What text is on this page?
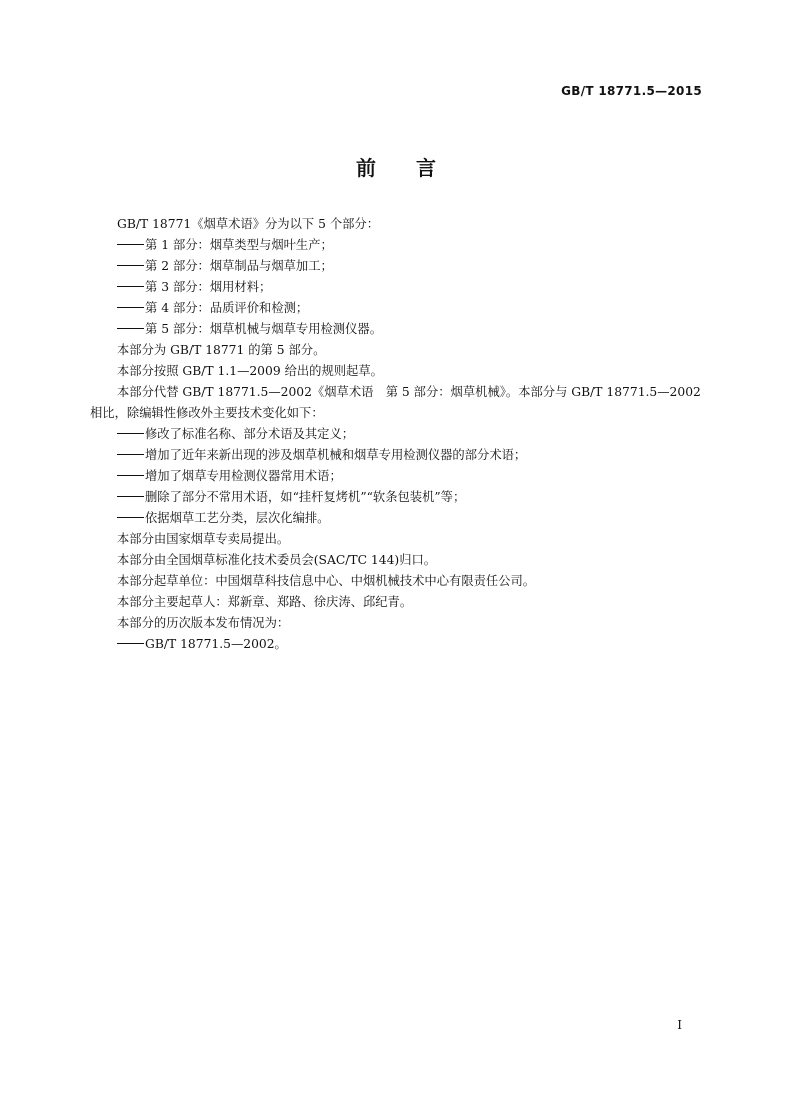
GB/T 18771.5—2015
前言
GB/T 18771《烟草术语》分为以下 5 个部分：
第 1 部分：烟草类型与烟叶生产；
第 2 部分：烟草制品与烟草加工；
第 3 部分：烟用材料；
第 4 部分：品质评价和检测；
第 5 部分：烟草机械与烟草专用检测仪器。
本部分为 GB/T 18771 的第 5 部分。
本部分按照 GB/T 1.1—2009 给出的规则起草。
本部分代替 GB/T 18771.5—2002《烟草术语　第 5 部分：烟草机械》。本部分与 GB/T 18771.5—2002 相比，除编辑性修改外主要技术变化如下：
修改了标准名称、部分术语及其定义；
增加了近年来新出现的涉及烟草机械和烟草专用检测仪器的部分术语；
增加了烟草专用检测仪器常用术语；
删除了部分不常用术语，如“挂杆复烤机”“软条包装机”等；
依据烟草工艺分类，层次化编排。
本部分由国家烟草专卖局提出。
本部分由全国烟草标准化技术委员会(SAC/TC 144)归口。
本部分起草单位：中国烟草科技信息中心、中烟机械技术中心有限责任公司。
本部分主要起草人：郑新章、郑路、徐庆涛、邱纪青。
本部分的历次版本发布情况为：
GB/T 18771.5—2002。
I
